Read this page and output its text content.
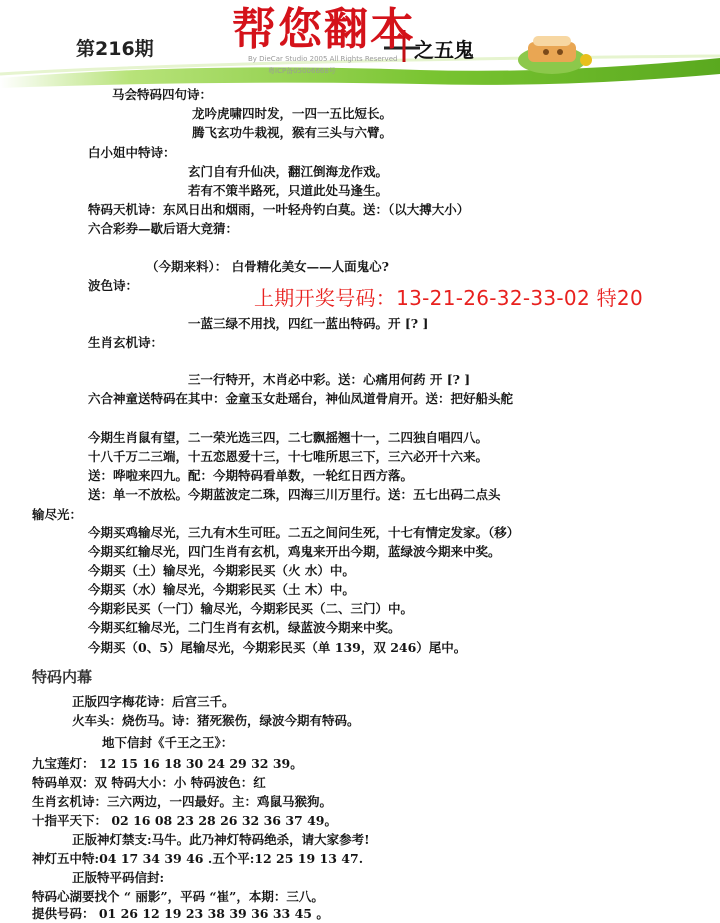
第216期 帮您翻本
之五鬼
By DieCar Studio 2005 All Rights Reserved
粤ICP备05006668号
马会特码四句诗：
龙吟虎啸四时发，一四一五比短长。
腾飞玄功牛栽视，猴有三头与六臂。
白小姐中特诗：
玄门自有升仙决，翻江倒海龙作戏。
若有不策半路死，只道此处马逢生。
特码天机诗：东风日出和烟雨，一叶轻舟钓白莫。送：（以大搏大小）
六合彩券—歇后语大竞猜：
（今期来料）： 白骨精化美女——人面鬼心?
波色诗：
上期开奖号码：13-21-26-32-33-02 特20
一蓝三绿不用找，四红一蓝出特码。开 [? ]
生肖玄机诗：
三一行特开，木肖必中彩。送：心痛用何药 开 [? ]
六合神童送特码在其中：金童玉女赴瑶台，神仙凤道骨肩开。送：把好船头舵
今期生肖鼠有望，二一荣光选三四，二七飘摇翘十一，二四独自唱四八。
十八千万二三端，十五恋恩爱十三，十七唯所思三下，三六必开十六来。
送：哗啦来四九。配：今期特码看单数，一轮红日西方落。
送：单一不放松。今期蓝波定二珠，四海三川万里行。送：五七出码二点头
输尽光：
今期买鸡输尽光，三九有木生可旺。二五之间问生死，十七有情定发家。（移）
今期买红输尽光，四门生肖有玄机，鸡鬼来开出今期，蓝绿波今期来中奖。
今期买（土）输尽光，今期彩民买（火 水）中。
今期买（水）输尽光，今期彩民买（土 木）中。
今期彩民买（一门）输尽光，今期彩民买（二、三门）中。
今期买红输尽光，二门生肖有玄机，绿蓝波今期来中奖。
今期买（0、5）尾输尽光，今期彩民买（单 139，双 246）尾中。
特码内幕
正版四字梅花诗：后宫三千。
火车头：烧伤马。诗：猪死猴伤，绿波今期有特码。
地下信封《千王之王》：
九宝莲灯： 12 15 16 18 30 24 29 32 39。
特码单双：双 特码大小：小 特码波色：红
生肖玄机诗：三六两边，一四最好。主：鸡鼠马猴狗。
十指平天下： 02 16 08 23 28 26 32 36 37 49。
正版神灯禁支:马牛。此乃神灯特码绝杀，请大家参考!
神灯五中特:04 17 34 39 46 .五个平:12 25 19 13 47.
正版特平码信封:
特码心湖要找个 “ 丽影”，平码 “崔”，本期：三八。
提供号码： 01 26 12 19 23 38 39 36 33 45 。
